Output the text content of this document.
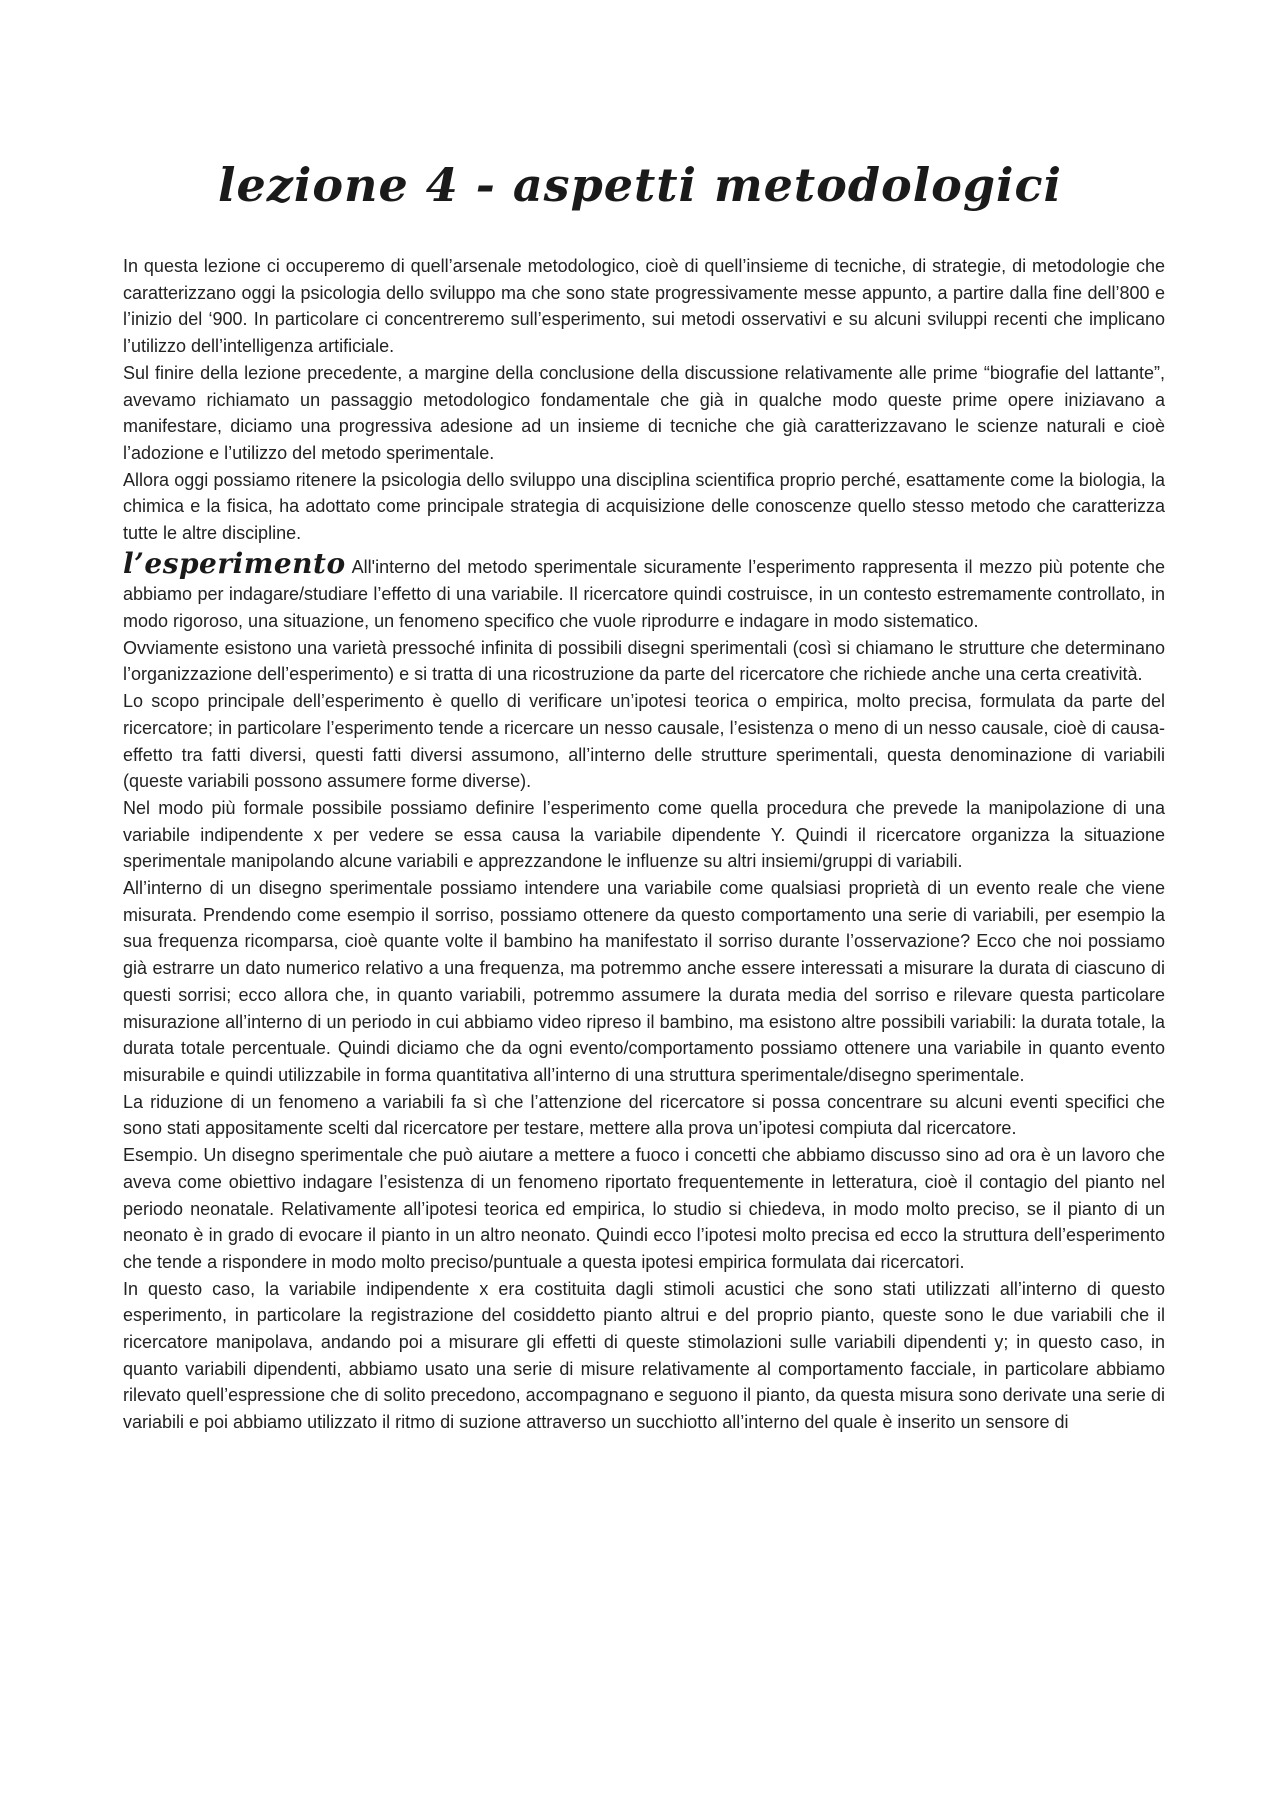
lezione 4 - aspetti metodologici

In questa lezione ci occuperemo di quell’arsenale metodologico, cioè di quell’insieme di tecniche, di strategie, di metodologie che caratterizzano oggi la psicologia dello sviluppo ma che sono state progressivamente messe appunto, a partire dalla fine dell’800 e l’inizio del ‘900. In particolare ci concentreremo sull’esperimento, sui metodi osservativi e su alcuni sviluppi recenti che implicano l’utilizzo dell’intelligenza artificiale.

Sul finire della lezione precedente, a margine della conclusione della discussione relativamente alle prime “biografie del lattante”, avevamo richiamato un passaggio metodologico fondamentale che già in qualche modo queste prime opere iniziavano a manifestare, diciamo una progressiva adesione ad un insieme di tecniche che già caratterizzavano le scienze naturali e cioè l’adozione e l’utilizzo del metodo sperimentale.

Allora oggi possiamo ritenere la psicologia dello sviluppo una disciplina scientifica proprio perché, esattamente come la biologia, la chimica e la fisica, ha adottato come principale strategia di acquisizione delle conoscenze quello stesso metodo che caratterizza tutte le altre discipline.

l’esperimento All'interno del metodo sperimentale sicuramente l’esperimento rappresenta il mezzo più potente che abbiamo per indagare/studiare l’effetto di una variabile. Il ricercatore quindi costruisce, in un contesto estremamente controllato, in modo rigoroso, una situazione, un fenomeno specifico che vuole riprodurre e indagare in modo sistematico.

Ovviamente esistono una varietà pressoché infinita di possibili disegni sperimentali (così si chiamano le strutture che determinano l’organizzazione dell’esperimento) e si tratta di una ricostruzione da parte del ricercatore che richiede anche una certa creatività.

Lo scopo principale dell’esperimento è quello di verificare un’ipotesi teorica o empirica, molto precisa, formulata da parte del ricercatore; in particolare l’esperimento tende a ricercare un nesso causale, l’esistenza o meno di un nesso causale, cioè di causa-effetto tra fatti diversi, questi fatti diversi assumono, all’interno delle strutture sperimentali, questa denominazione di variabili (queste variabili possono assumere forme diverse).

Nel modo più formale possibile possiamo definire l’esperimento come quella procedura che prevede la manipolazione di una variabile indipendente x per vedere se essa causa la variabile dipendente Y. Quindi il ricercatore organizza la situazione sperimentale manipolando alcune variabili e apprezzandone le influenze su altri insiemi/gruppi di variabili.

All’interno di un disegno sperimentale possiamo intendere una variabile come qualsiasi proprietà di un evento reale che viene misurata. Prendendo come esempio il sorriso, possiamo ottenere da questo comportamento una serie di variabili, per esempio la sua frequenza ricomparsa, cioè quante volte il bambino ha manifestato il sorriso durante l’osservazione? Ecco che noi possiamo già estrarre un dato numerico relativo a una frequenza, ma potremmo anche essere interessati a misurare la durata di ciascuno di questi sorrisi; ecco allora che, in quanto variabili, potremmo assumere la durata media del sorriso e rilevare questa particolare misurazione all’interno di un periodo in cui abbiamo video ripreso il bambino, ma esistono altre possibili variabili: la durata totale, la durata totale percentuale. Quindi diciamo che da ogni evento/comportamento possiamo ottenere una variabile in quanto evento misurabile e quindi utilizzabile in forma quantitativa all’interno di una struttura sperimentale/disegno sperimentale.

La riduzione di un fenomeno a variabili fa sì che l’attenzione del ricercatore si possa concentrare su alcuni eventi specifici che sono stati appositamente scelti dal ricercatore per testare, mettere alla prova un’ipotesi compiuta dal ricercatore.

Esempio. Un disegno sperimentale che può aiutare a mettere a fuoco i concetti che abbiamo discusso sino ad ora è un lavoro che aveva come obiettivo indagare l’esistenza di un fenomeno riportato frequentemente in letteratura, cioè il contagio del pianto nel periodo neonatale. Relativamente all’ipotesi teorica ed empirica, lo studio si chiedeva, in modo molto preciso, se il pianto di un neonato è in grado di evocare il pianto in un altro neonato. Quindi ecco l’ipotesi molto precisa ed ecco la struttura dell’esperimento che tende a rispondere in modo molto preciso/puntuale a questa ipotesi empirica formulata dai ricercatori.

In questo caso, la variabile indipendente x era costituita dagli stimoli acustici che sono stati utilizzati all’interno di questo esperimento, in particolare la registrazione del cosiddetto pianto altrui e del proprio pianto, queste sono le due variabili che il ricercatore manipolava, andando poi a misurare gli effetti di queste stimolazioni sulle variabili dipendenti y; in questo caso, in quanto variabili dipendenti, abbiamo usato una serie di misure relativamente al comportamento facciale, in particolare abbiamo rilevato quell’espressione che di solito precedono, accompagnano e seguono il pianto, da questa misura sono derivate una serie di variabili e poi abbiamo utilizzato il ritmo di suzione attraverso un succhiotto all’interno del quale è inserito un sensore di
